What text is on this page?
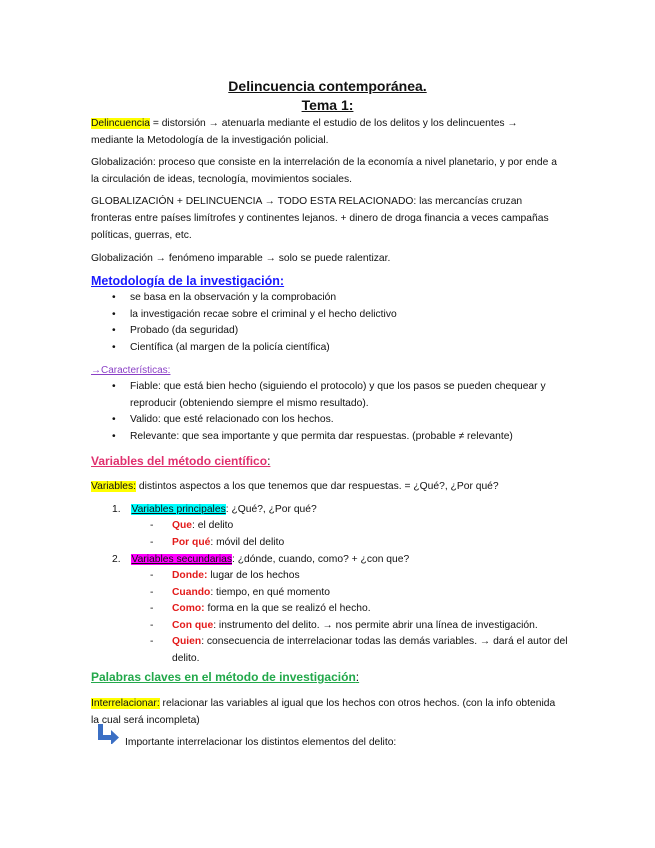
Delincuencia contemporánea.
Tema 1:
Delincuencia = distorsión → atenuarla mediante el estudio de los delitos y los delincuentes → mediante la Metodología de la investigación policial.
Globalización: proceso que consiste en la interrelación de la economía a nivel planetario, y por ende a la circulación de ideas, tecnología, movimientos sociales.
GLOBALIZACIÓN + DELINCUENCIA → TODO ESTA RELACIONADO: las mercancías cruzan fronteras entre países limítrofes y continentes lejanos. + dinero de droga financia a veces campañas políticas, guerras, etc.
Globalización → fenómeno imparable → solo se puede ralentizar.
Metodología de la investigación:
• se basa en la observación y la comprobación
• la investigación recae sobre el criminal y el hecho delictivo
• Probado (da seguridad)
• Científica (al margen de la policía científica)
→Características:
• Fiable: que está bien hecho (siguiendo el protocolo) y que los pasos se pueden chequear y reproducir (obteniendo siempre el mismo resultado).
• Valido: que esté relacionado con los hechos.
• Relevante: que sea importante y que permita dar respuestas. (probable ≠ relevante)
Variables del método científico:
Variables: distintos aspectos a los que tenemos que dar respuestas. = ¿Qué?, ¿Por qué?
1. Variables principales: ¿Qué?, ¿Por qué?
- Que: el delito
- Por qué: móvil del delito
2. Variables secundarias: ¿dónde, cuando, como? + ¿con que?
- Donde: lugar de los hechos
- Cuando: tiempo, en qué momento
- Como: forma en la que se realizó el hecho.
- Con que: instrumento del delito. → nos permite abrir una línea de investigación.
- Quien: consecuencia de interrelacionar todas las demás variables. → dará el autor del delito.
Palabras claves en el método de investigación:
Interrelacionar: relacionar las variables al igual que los hechos con otros hechos. (con la info obtenida la cual será incompleta)
Importante interrelacionar los distintos elementos del delito:
